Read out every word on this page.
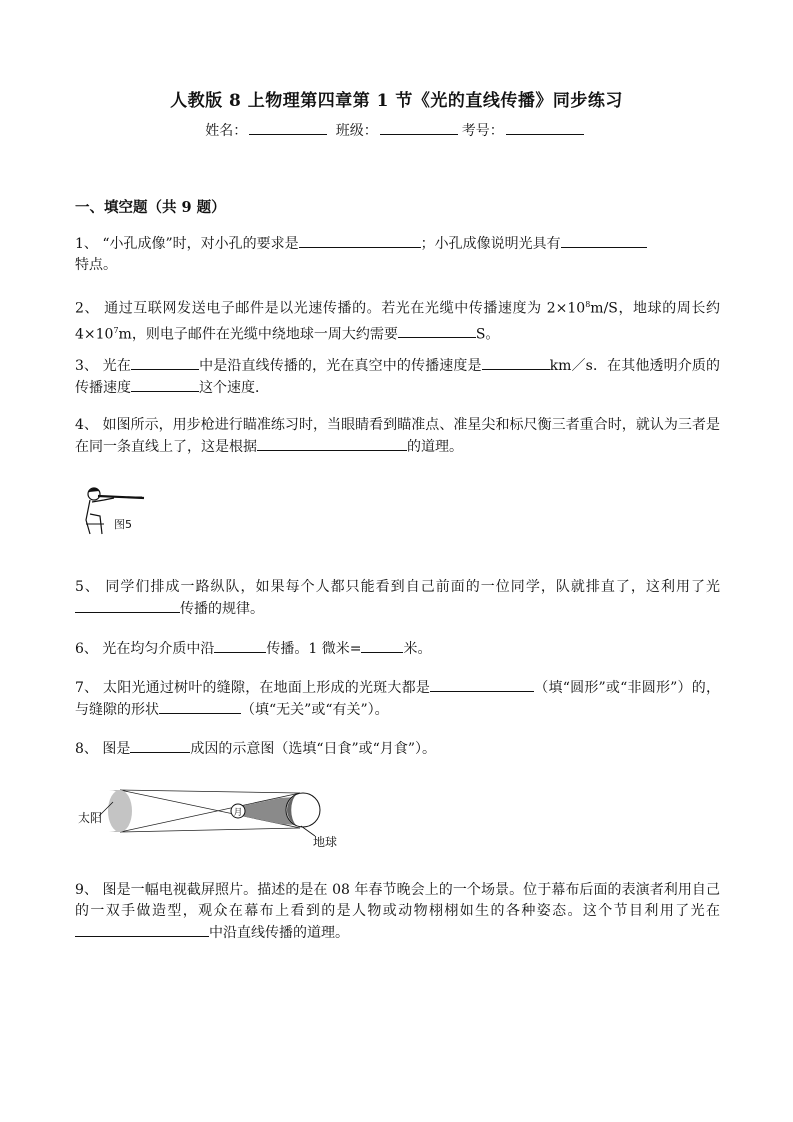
人教版 8 上物理第四章第 1 节《光的直线传播》同步练习
姓名：	班级：	考号：
一、填空题（共 9 题）
1、 “小孔成像”时，对小孔的要求是	；小孔成像说明光具有
特点。
2、 通过互联网发送电子邮件是以光速传播的。若光在光缆中传播速度为 $2\times 10^8m/S$，地球的周长约 $4\times 10^7m$，则电子邮件在光缆中绕地球一周大约需要	S。
3、 光在	中是沿直线传播的，光在真空中的传播速度是	km／s．在其他透明介质的传播速度	这个速度．
4、 如图所示，用步枪进行瞄准练习时，当眼睛看到瞄准点、准星尖和标尺衡三者重合时，就认为三者是在同一条直线上了，这是根据	的道理。
图5
5、 同学们排成一路纵队，如果每个人都只能看到自己前面的一位同学，队就排直了，这利用了光传播的规律。
6、 光在均匀介质中沿	传播。1 微米=	米。
7、 太阳光通过树叶的缝隙，在地面上形成的光斑大都是	（填“圆形”或“非圆形”）的，与缝隙的形状	（填“无关”或“有关”）。
8、 图是	成因的示意图（选填“日食”或“月食”）。
月
太阳
地球
9、 图是一幅电视截屏照片。描述的是在 08 年春节晚会上的一个场景。位于幕布后面的表演者利用自己的一双手做造型，观众在幕布上看到的是人物或动物栩栩如生的各种姿态。这个节目利用了光在中沿直线传播的道理。
